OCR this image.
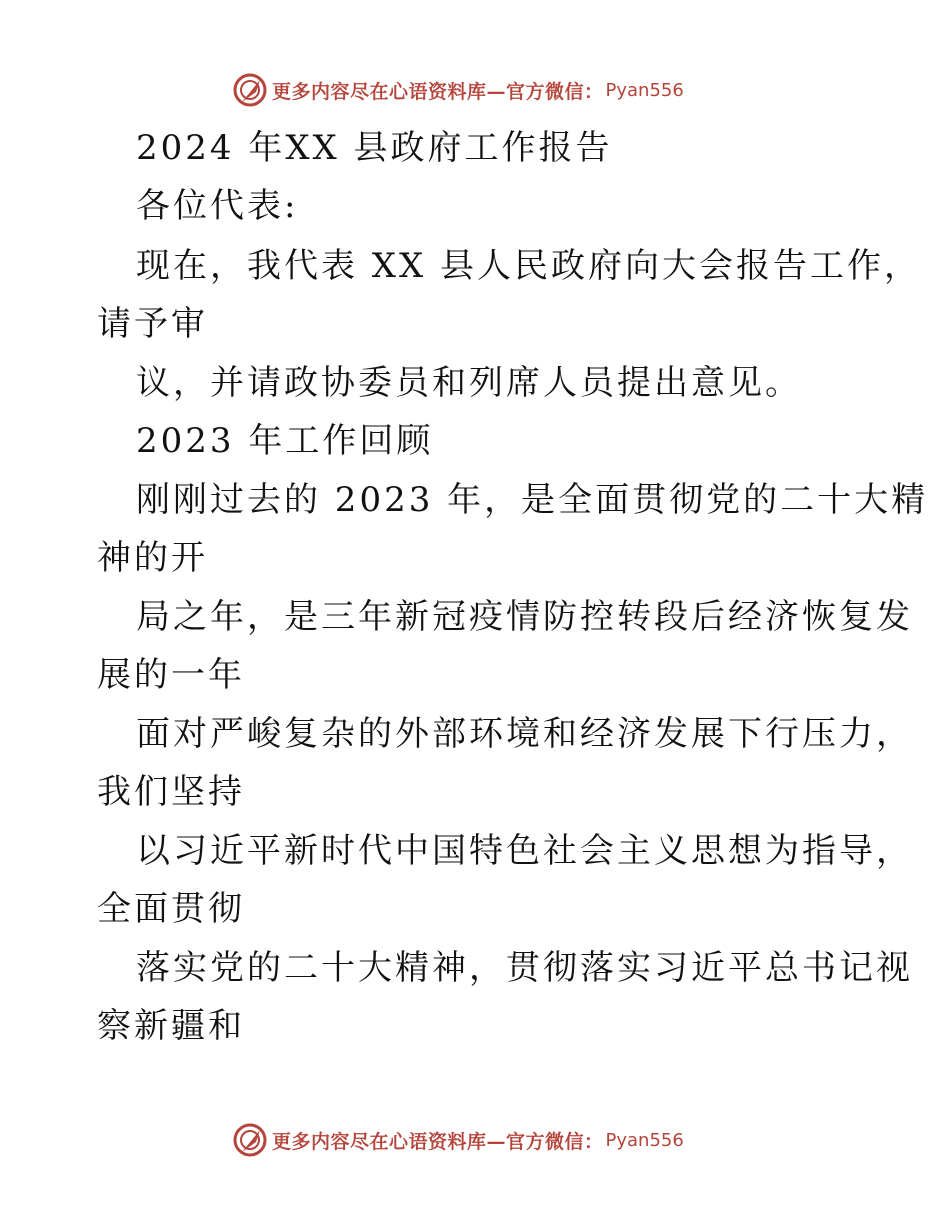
更多内容尽在心语资料库—官方微信： Pyan556
2024 年XX 县政府工作报告
各位代表:
现在，我代表 XX 县人民政府向大会报告工作，
请予审
议，并请政协委员和列席人员提出意见。
2023 年工作回顾
刚刚过去的 2023 年，是全面贯彻党的二十大精
神的开
局之年，是三年新冠疫情防控转段后经济恢复发
展的一年
面对严峻复杂的外部环境和经济发展下行压力，
我们坚持
以习近平新时代中国特色社会主义思想为指导，
全面贯彻
落实党的二十大精神，贯彻落实习近平总书记视
察新疆和
更多内容尽在心语资料库—官方微信： Pyan556
